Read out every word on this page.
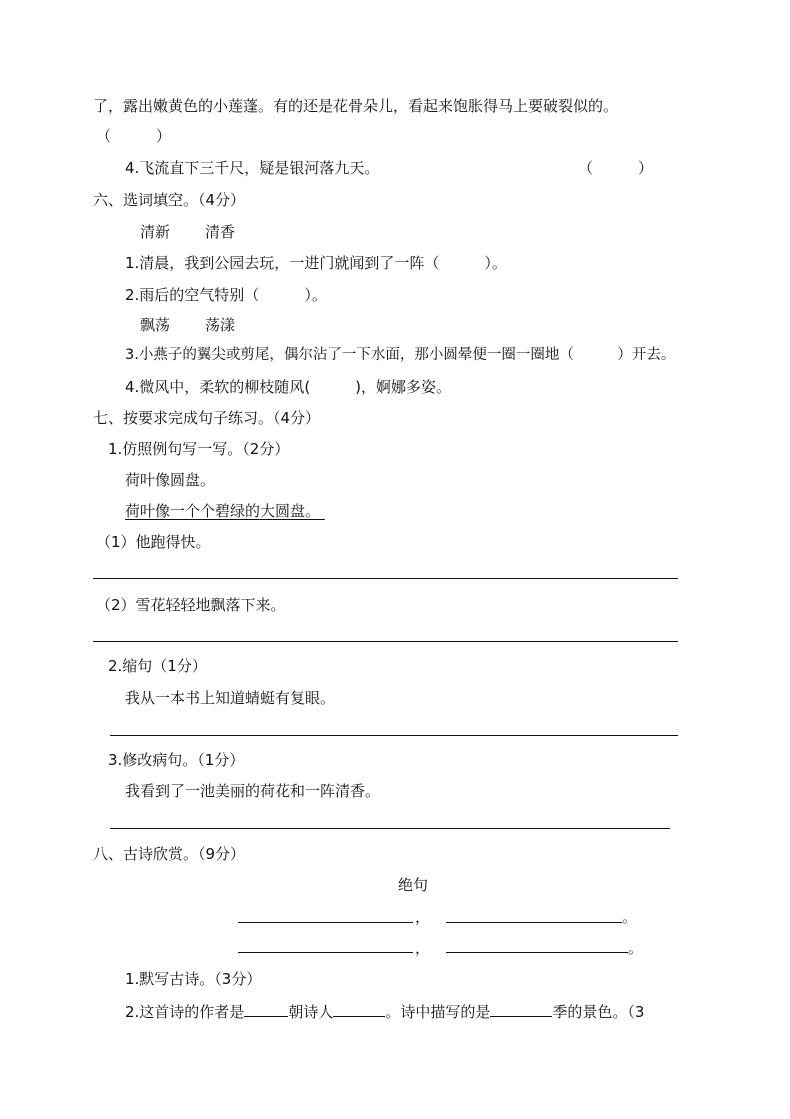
了，露出嫩黄色的小莲蓬。有的还是花骨朵儿，看起来饱胀得马上要破裂似的。
（　　　）
4.飞流直下三千尺，疑是银河落九天。	（　　　）
六、选词填空。（4分）
清新 清香
1.清晨，我到公园去玩，一进门就闻到了一阵（　　　）。
2.雨后的空气特别（　　　）。
飘荡 荡漾
3.小燕子的翼尖或剪尾，偶尔沾了一下水面，那小圆晕便一圈一圈地（　　　）开去。
4.微风中，柔软的柳枝随风(　　　)，婀娜多姿。
七、按要求完成句子练习。（4分）
1.仿照例句写一写。（2分）
荷叶像圆盘。
荷叶像一个个碧绿的大圆盘。
（1）他跑得快。
（2）雪花轻轻地飘落下来。
2.缩句（1分）
我从一本书上知道蜻蜓有复眼。
3.修改病句。（1分）
我看到了一池美丽的荷花和一阵清香。
八、古诗欣赏。（9分）
绝句
，	。
，	。
1.默写古诗。（3分）
2.这首诗的作者是	朝诗人	。诗中描写的是	季的景色。（3
